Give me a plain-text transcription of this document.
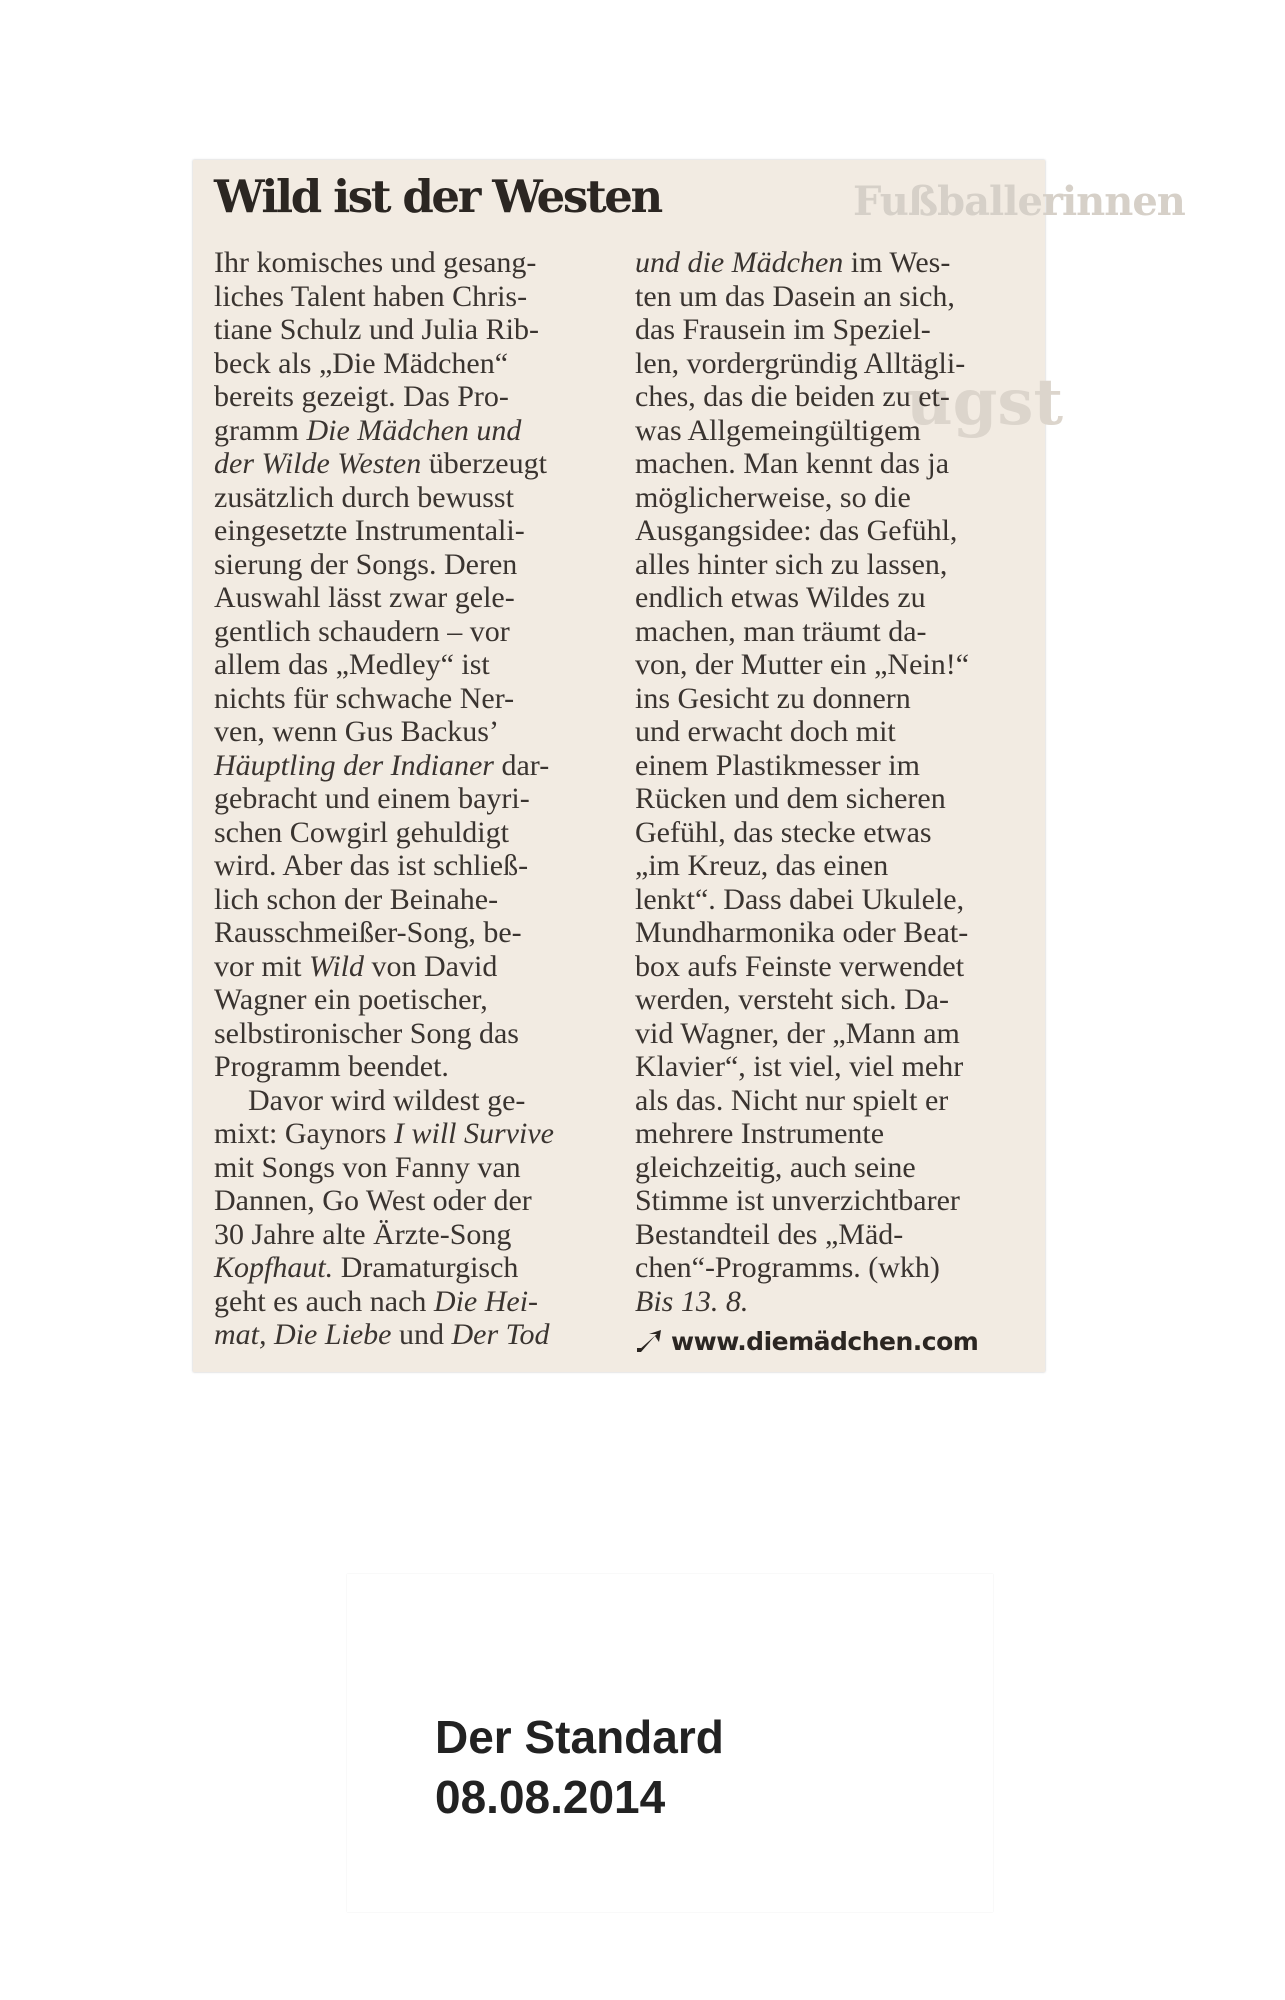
Fußballerinnen
ugst
Wild ist der Westen
Ihr komisches und gesang-
liches Talent haben Chris-
tiane Schulz und Julia Rib-
beck als „Die Mädchen“
bereits gezeigt. Das Pro-
gramm Die Mädchen und
der Wilde Westen überzeugt
zusätzlich durch bewusst
eingesetzte Instrumentali-
sierung der Songs. Deren
Auswahl lässt zwar gele-
gentlich schaudern – vor
allem das „Medley“ ist
nichts für schwache Ner-
ven, wenn Gus Backus’
Häuptling der Indianer dar-
gebracht und einem bayri-
schen Cowgirl gehuldigt
wird. Aber das ist schließ-
lich schon der Beinahe-
Rausschmeißer-Song, be-
vor mit Wild von David
Wagner ein poetischer,
selbstironischer Song das
Programm beendet.
Davor wird wildest ge-
mixt: Gaynors I will Survive
mit Songs von Fanny van
Dannen, Go West oder der
30 Jahre alte Ärzte-Song
Kopfhaut. Dramaturgisch
geht es auch nach Die Hei-
mat, Die Liebe und Der Tod
und die Mädchen im Wes-
ten um das Dasein an sich,
das Frausein im Speziel-
len, vordergründig Alltägli-
ches, das die beiden zu et-
was Allgemeingültigem
machen. Man kennt das ja
möglicherweise, so die
Ausgangsidee: das Gefühl,
alles hinter sich zu lassen,
endlich etwas Wildes zu
machen, man träumt da-
von, der Mutter ein „Nein!“
ins Gesicht zu donnern
und erwacht doch mit
einem Plastikmesser im
Rücken und dem sicheren
Gefühl, das stecke etwas
„im Kreuz, das einen
lenkt“. Dass dabei Ukulele,
Mundharmonika oder Beat-
box aufs Feinste verwendet
werden, versteht sich. Da-
vid Wagner, der „Mann am
Klavier“, ist viel, viel mehr
als das. Nicht nur spielt er
mehrere Instrumente
gleichzeitig, auch seine
Stimme ist unverzichtbarer
Bestandteil des „Mäd-
chen“-Programms. (wkh)
Bis 13. 8.
www.diemädchen.com
Der Standard
08.08.2014
